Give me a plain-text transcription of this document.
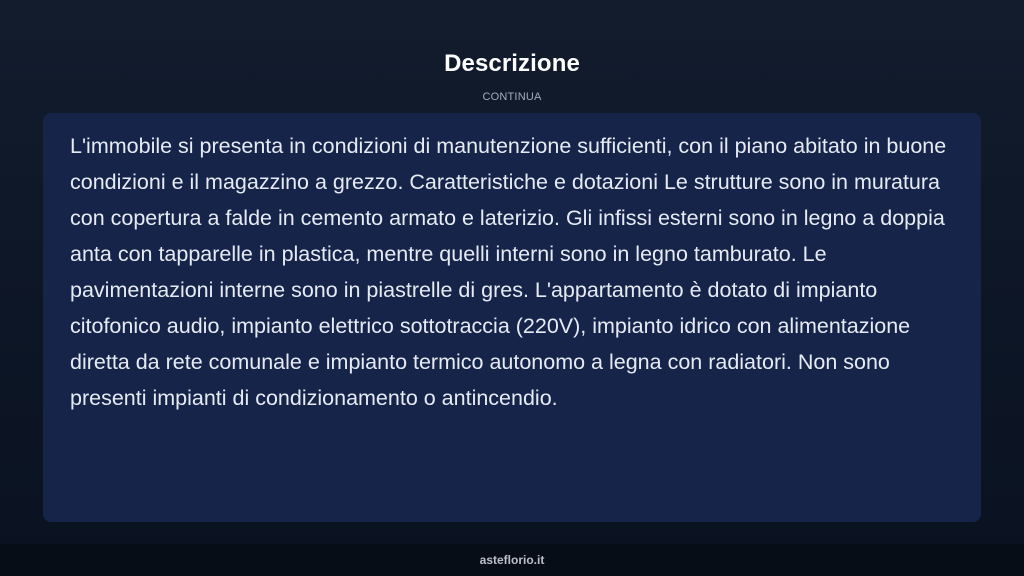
Descrizione
CONTINUA

L'immobile si presenta in condizioni di manutenzione sufficienti, con il piano abitato in buone condizioni e il magazzino a grezzo. Caratteristiche e dotazioni Le strutture sono in muratura con copertura a falde in cemento armato e laterizio. Gli infissi esterni sono in legno a doppia anta con tapparelle in plastica, mentre quelli interni sono in legno tamburato. Le pavimentazioni interne sono in piastrelle di gres. L'appartamento è dotato di impianto citofonico audio, impianto elettrico sottotraccia (220V), impianto idrico con alimentazione diretta da rete comunale e impianto termico autonomo a legna con radiatori. Non sono presenti impianti di condizionamento o antincendio.

asteflorio.it
